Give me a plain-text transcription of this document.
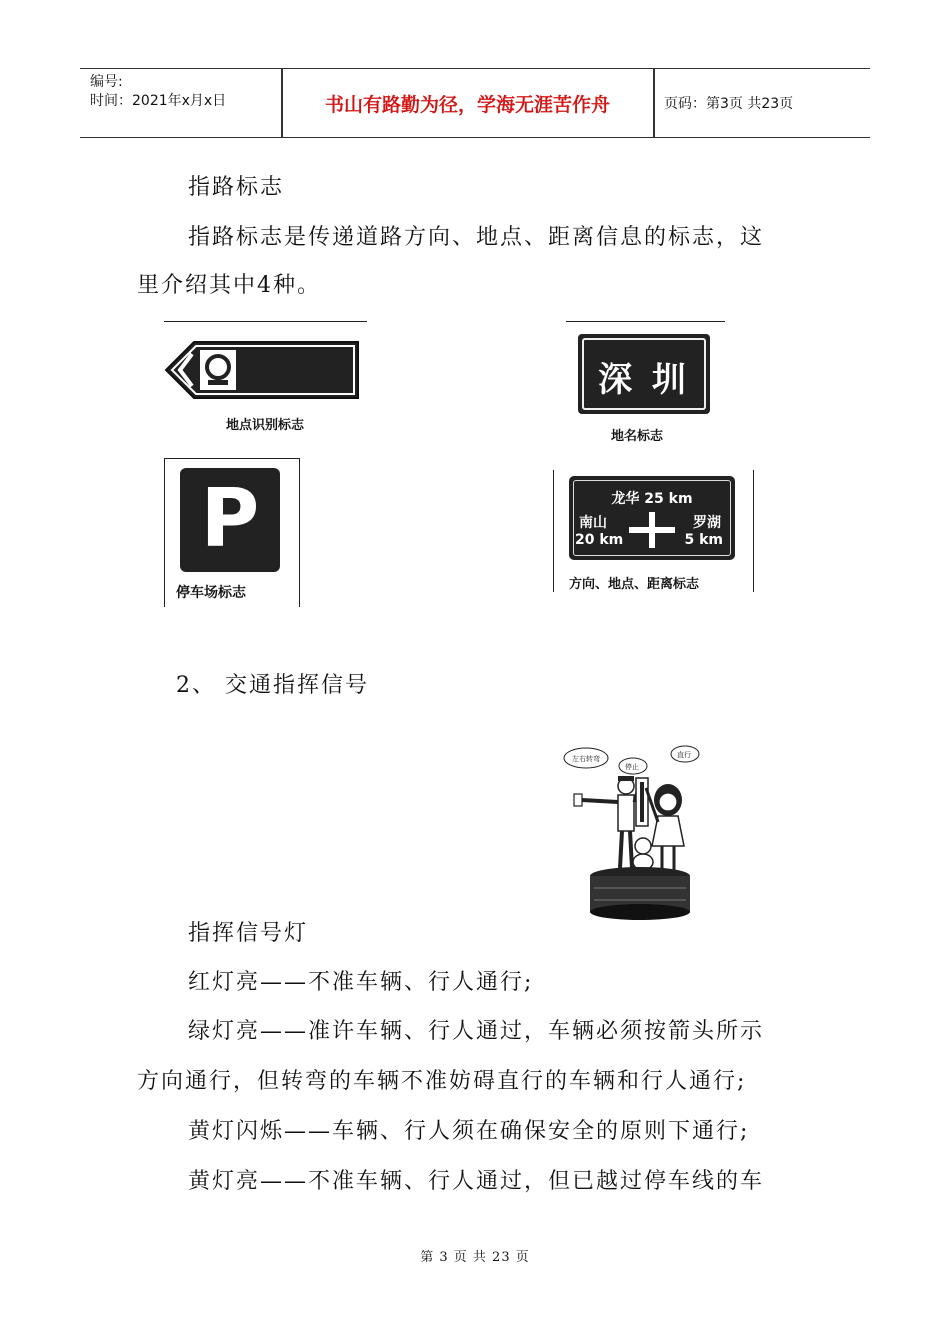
编号:
时间：2021年x月x日	书山有路勤为径，学海无涯苦作舟	页码：第3页 共23页
指路标志
指路标志是传递道路方向、地点、距离信息的标志，这
里介绍其中4种。
地点识别标志
深 圳
地名标志
P
停车场标志
龙华 25 km
南山
20 km
罗湖
5 km
方向、地点、距离标志
2、 交通指挥信号
左右转弯
停止
直行
指挥信号灯
红灯亮——不准车辆、行人通行;
绿灯亮——准许车辆、行人通过，车辆必须按箭头所示
方向通行，但转弯的车辆不准妨碍直行的车辆和行人通行;
黄灯闪烁——车辆、行人须在确保安全的原则下通行;
黄灯亮——不准车辆、行人通过，但已越过停车线的车
第 3 页 共 23 页
